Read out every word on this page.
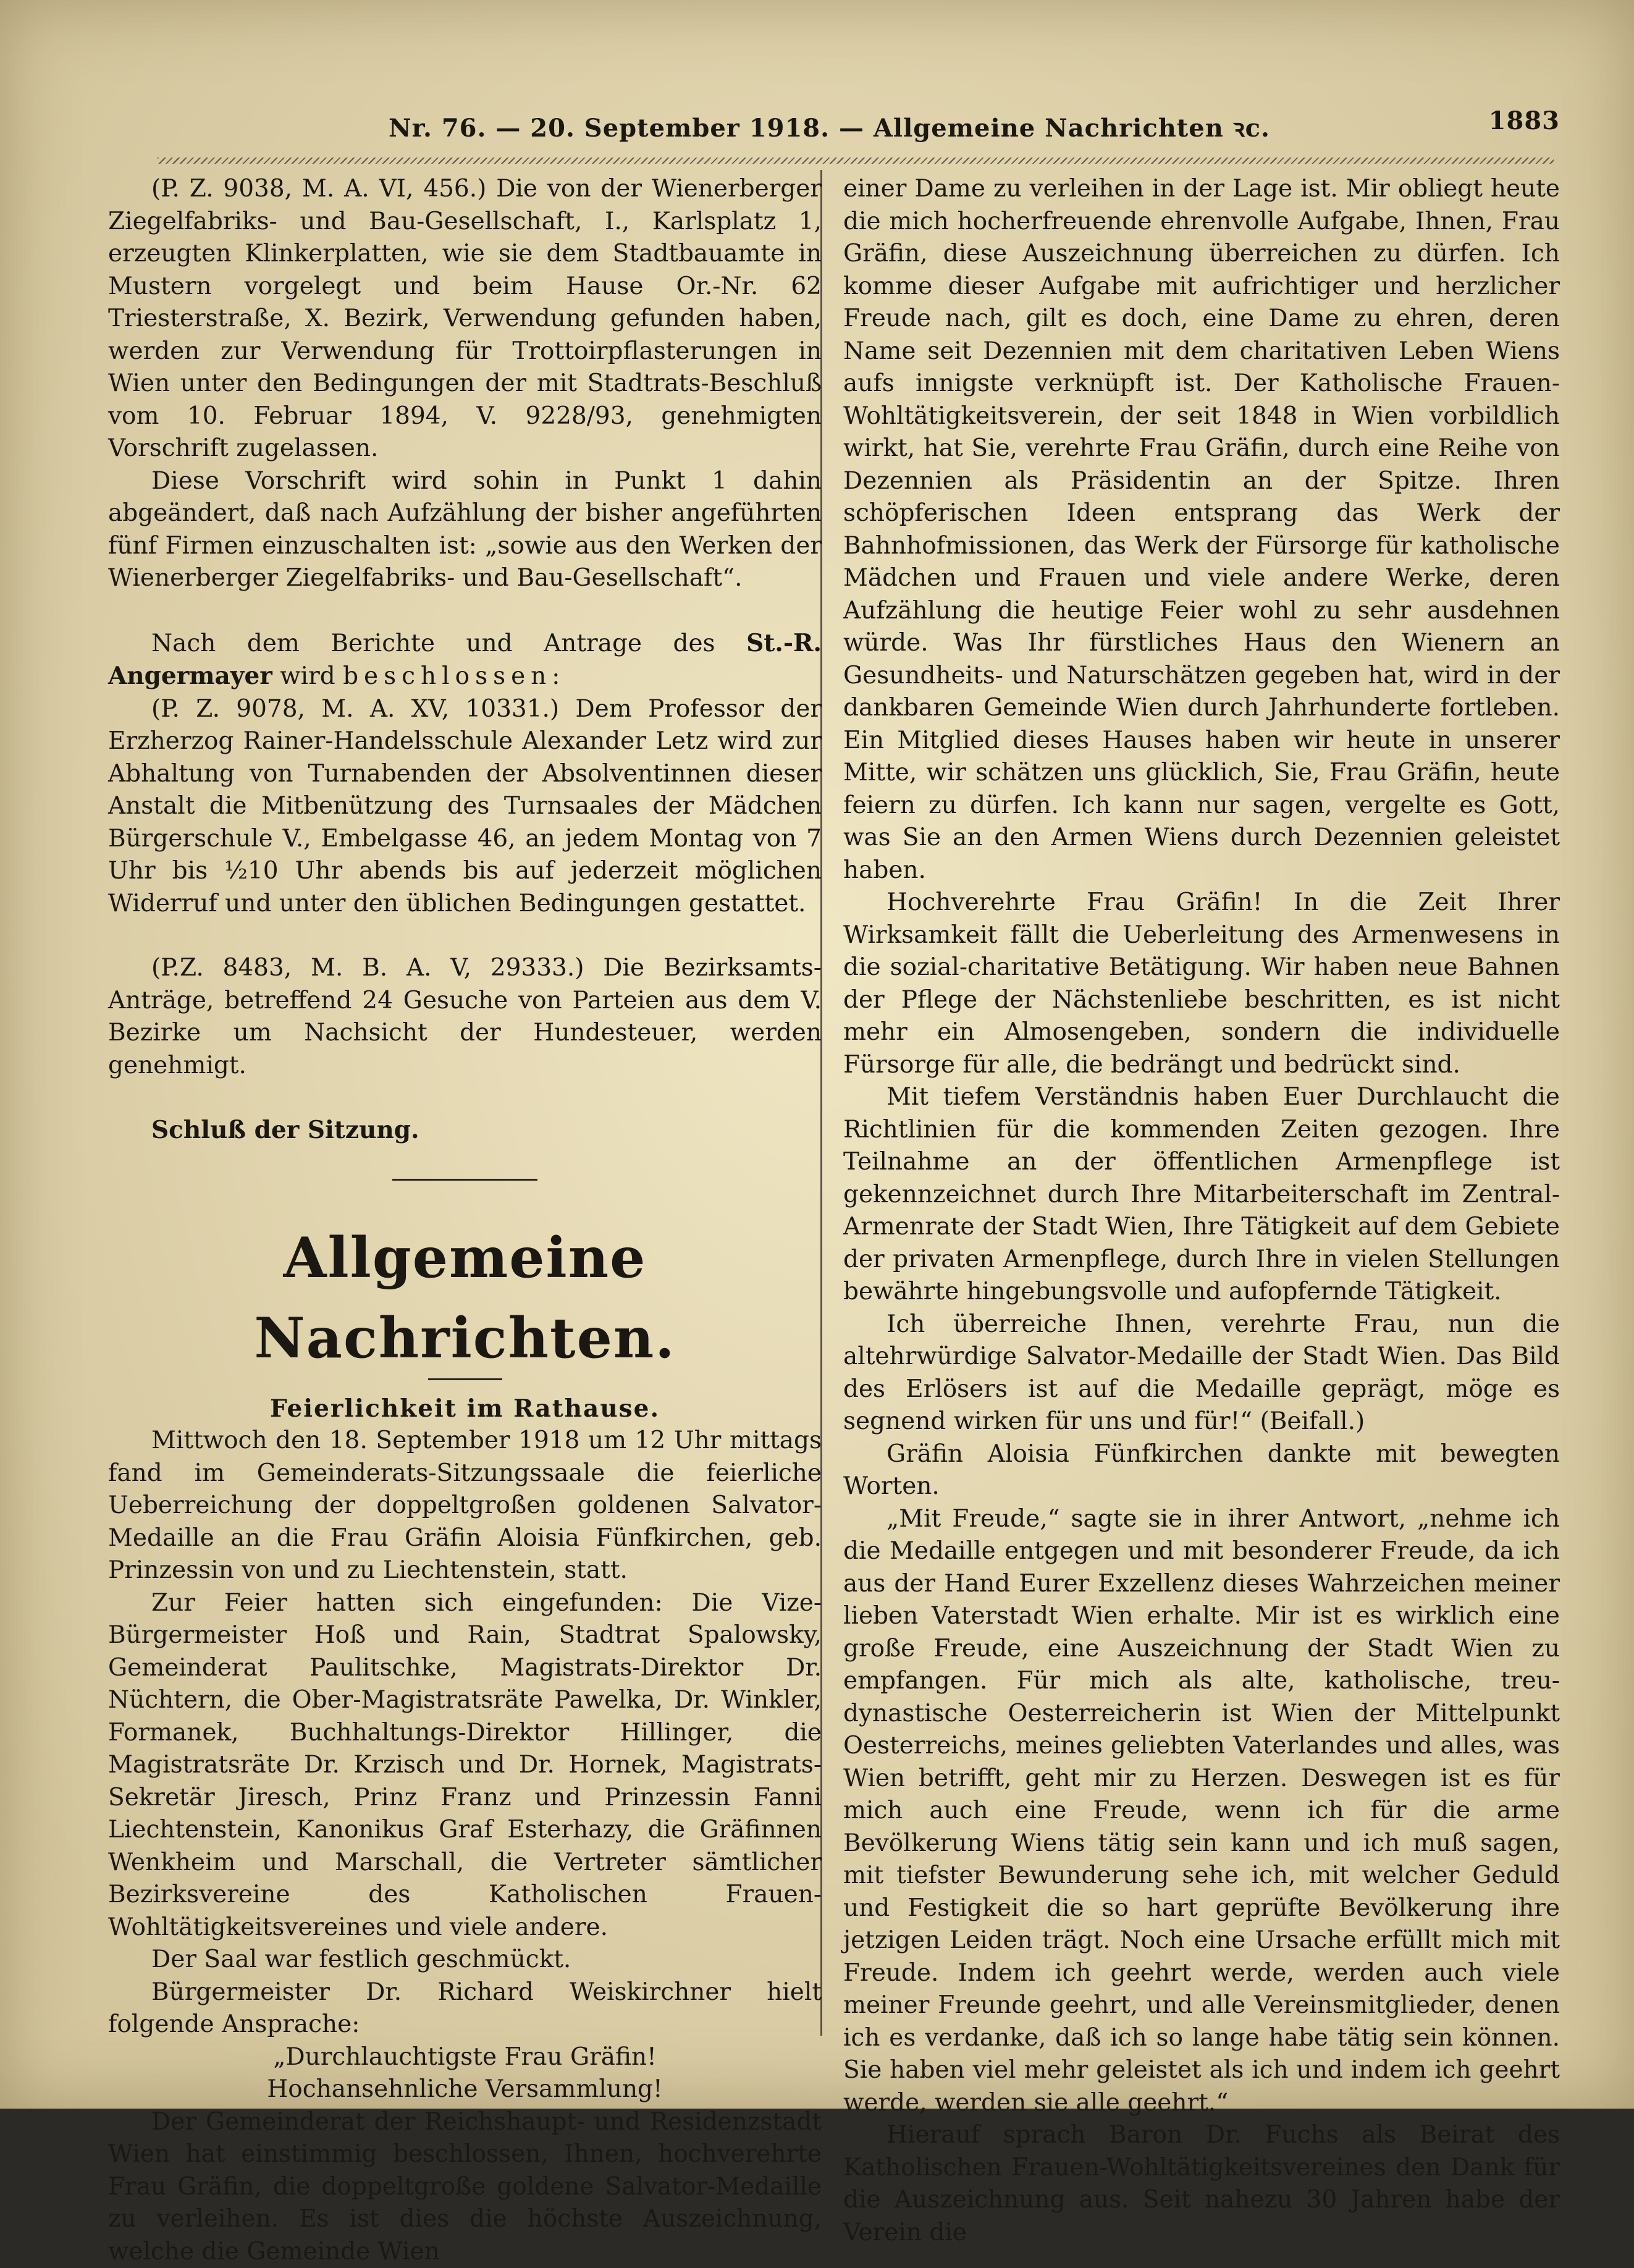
Nr. 76. — 20. September 1918. — Allgemeine Nachrichten ꝛc.	1883

(P. Z. 9038, M. A. VI, 456.) Die von der Wienerberger Ziegelfabriks- und Bau-Gesellschaft, I., Karlsplatz 1, erzeugten Klinkerplatten, wie sie dem Stadtbauamte in Mustern vorgelegt und beim Hause Or.-Nr. 62 Triesterstraße, X. Bezirk, Verwendung gefunden haben, werden zur Verwendung für Trottoirpflasterungen in Wien unter den Bedingungen der mit Stadtrats-Beschluß vom 10. Februar 1894, V. 9228/93, genehmigten Vorschrift zugelassen.

Diese Vorschrift wird sohin in Punkt 1 dahin abgeändert, daß nach Aufzählung der bisher angeführten fünf Firmen einzuschalten ist: „sowie aus den Werken der Wienerberger Ziegelfabriks- und Bau-Gesellschaft“.

Nach dem Berichte und Antrage des St.-R. Angermayer wird beschlossen:

(P. Z. 9078, M. A. XV, 10331.) Dem Professor der Erzherzog Rainer-Handelsschule Alexander Letz wird zur Abhaltung von Turnabenden der Absolventinnen dieser Anstalt die Mitbenützung des Turnsaales der Mädchen Bürgerschule V., Embelgasse 46, an jedem Montag von 7 Uhr bis ½10 Uhr abends bis auf jederzeit möglichen Widerruf und unter den üblichen Bedingungen gestattet.

(P.Z. 8483, M. B. A. V, 29333.) Die Bezirksamts-Anträge, betreffend 24 Gesuche von Parteien aus dem V. Bezirke um Nachsicht der Hundesteuer, werden genehmigt.

Schluß der Sitzung.

Allgemeine Nachrichten.

Feierlichkeit im Rathause.

Mittwoch den 18. September 1918 um 12 Uhr mittags fand im Gemeinderats-Sitzungssaale die feierliche Ueberreichung der doppeltgroßen goldenen Salvator-Medaille an die Frau Gräfin Aloisia Fünfkirchen, geb. Prinzessin von und zu Liechtenstein, statt.

Zur Feier hatten sich eingefunden: Die Vize-Bürgermeister Hoß und Rain, Stadtrat Spalowsky, Gemeinderat Paulitschke, Magistrats-Direktor Dr. Nüchtern, die Ober-Magistratsräte Pawelka, Dr. Winkler, Formanek, Buchhaltungs-Direktor Hillinger, die Magistratsräte Dr. Krzisch und Dr. Hornek, Magistrats-Sekretär Jiresch, Prinz Franz und Prinzessin Fanni Liechtenstein, Kanonikus Graf Esterhazy, die Gräfinnen Wenkheim und Marschall, die Vertreter sämtlicher Bezirksvereine des Katholischen Frauen-Wohltätigkeitsvereines und viele andere.

Der Saal war festlich geschmückt.

Bürgermeister Dr. Richard Weiskirchner hielt folgende Ansprache:

„Durchlauchtigste Frau Gräfin!

Hochansehnliche Versammlung!

Der Gemeinderat der Reichshaupt- und Residenzstadt Wien hat einstimmig beschlossen, Ihnen, hochverehrte Frau Gräfin, die doppeltgroße goldene Salvator-Medaille zu verleihen. Es ist dies die höchste Auszeichnung, welche die Gemeinde Wien

einer Dame zu verleihen in der Lage ist. Mir obliegt heute die mich hocherfreuende ehrenvolle Aufgabe, Ihnen, Frau Gräfin, diese Auszeichnung überreichen zu dürfen. Ich komme dieser Aufgabe mit aufrichtiger und herzlicher Freude nach, gilt es doch, eine Dame zu ehren, deren Name seit Dezennien mit dem charitativen Leben Wiens aufs innigste verknüpft ist. Der Katholische Frauen-Wohltätigkeitsverein, der seit 1848 in Wien vorbildlich wirkt, hat Sie, verehrte Frau Gräfin, durch eine Reihe von Dezennien als Präsidentin an der Spitze. Ihren schöpferischen Ideen entsprang das Werk der Bahnhofmissionen, das Werk der Fürsorge für katholische Mädchen und Frauen und viele andere Werke, deren Aufzählung die heutige Feier wohl zu sehr ausdehnen würde. Was Ihr fürstliches Haus den Wienern an Gesundheits- und Naturschätzen gegeben hat, wird in der dankbaren Gemeinde Wien durch Jahrhunderte fortleben. Ein Mitglied dieses Hauses haben wir heute in unserer Mitte, wir schätzen uns glücklich, Sie, Frau Gräfin, heute feiern zu dürfen. Ich kann nur sagen, vergelte es Gott, was Sie an den Armen Wiens durch Dezennien geleistet haben.

Hochverehrte Frau Gräfin! In die Zeit Ihrer Wirksamkeit fällt die Ueberleitung des Armenwesens in die sozial-charitative Betätigung. Wir haben neue Bahnen der Pflege der Nächstenliebe beschritten, es ist nicht mehr ein Almosengeben, sondern die individuelle Fürsorge für alle, die bedrängt und bedrückt sind.

Mit tiefem Verständnis haben Euer Durchlaucht die Richtlinien für die kommenden Zeiten gezogen. Ihre Teilnahme an der öffentlichen Armenpflege ist gekennzeichnet durch Ihre Mitarbeiterschaft im Zentral-Armenrate der Stadt Wien, Ihre Tätigkeit auf dem Gebiete der privaten Armenpflege, durch Ihre in vielen Stellungen bewährte hingebungsvolle und aufopfernde Tätigkeit.

Ich überreiche Ihnen, verehrte Frau, nun die altehrwürdige Salvator-Medaille der Stadt Wien. Das Bild des Erlösers ist auf die Medaille geprägt, möge es segnend wirken für uns und für!“ (Beifall.)

Gräfin Aloisia Fünfkirchen dankte mit bewegten Worten.

„Mit Freude,“ sagte sie in ihrer Antwort, „nehme ich die Medaille entgegen und mit besonderer Freude, da ich aus der Hand Eurer Exzellenz dieses Wahrzeichen meiner lieben Vaterstadt Wien erhalte. Mir ist es wirklich eine große Freude, eine Auszeichnung der Stadt Wien zu empfangen. Für mich als alte, katholische, treu-dynastische Oesterreicherin ist Wien der Mittelpunkt Oesterreichs, meines geliebten Vaterlandes und alles, was Wien betrifft, geht mir zu Herzen. Deswegen ist es für mich auch eine Freude, wenn ich für die arme Bevölkerung Wiens tätig sein kann und ich muß sagen, mit tiefster Bewunderung sehe ich, mit welcher Geduld und Festigkeit die so hart geprüfte Bevölkerung ihre jetzigen Leiden trägt. Noch eine Ursache erfüllt mich mit Freude. Indem ich geehrt werde, werden auch viele meiner Freunde geehrt, und alle Vereinsmitglieder, denen ich es verdanke, daß ich so lange habe tätig sein können. Sie haben viel mehr geleistet als ich und indem ich geehrt werde, werden sie alle geehrt.“

Hierauf sprach Baron Dr. Fuchs als Beirat des Katholischen Frauen-Wohltätigkeitsvereines den Dank für die Auszeichnung aus. Seit nahezu 30 Jahren habe der Verein die
